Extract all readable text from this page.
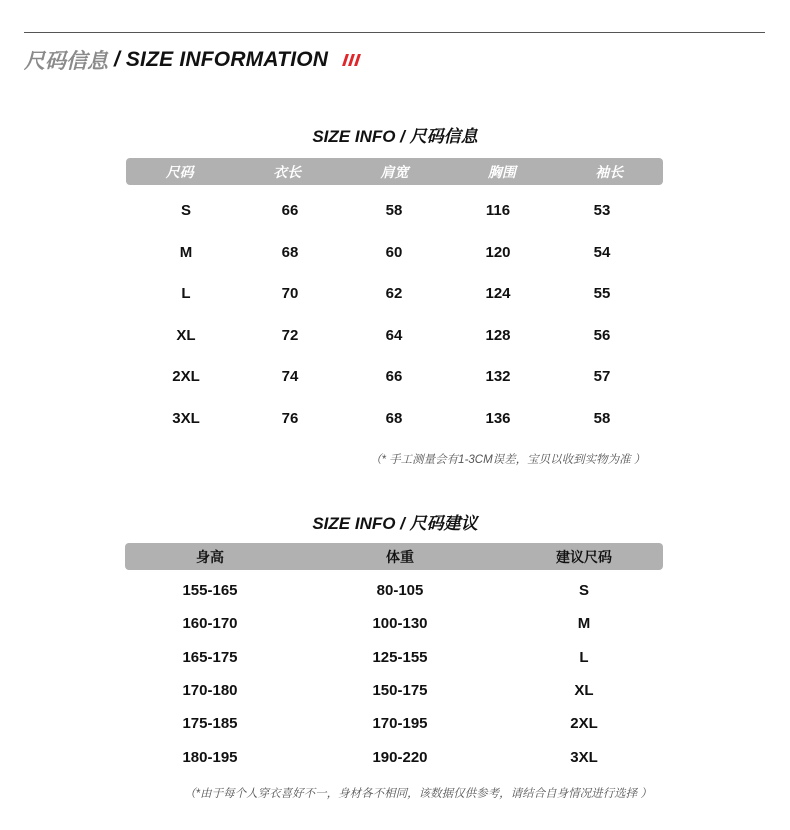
尺码信息 / SIZE INFORMATION
SIZE INFO / 尺码信息
尺码	衣长	肩宽	胸围	袖长
S	66	58	116	53
M	68	60	120	54
L	70	62	124	55
XL	72	64	128	56
2XL	74	66	132	57
3XL	76	68	136	58
（* 手工测量会有1-3CM误差，宝贝以收到实物为准 ）
SIZE INFO / 尺码建议
身高	体重	建议尺码
155-165	80-105	S
160-170	100-130	M
165-175	125-155	L
170-180	150-175	XL
175-185	170-195	2XL
180-195	190-220	3XL
（*由于每个人穿衣喜好不一，身材各不相同，该数据仅供参考，请结合自身情况进行选择 ）
